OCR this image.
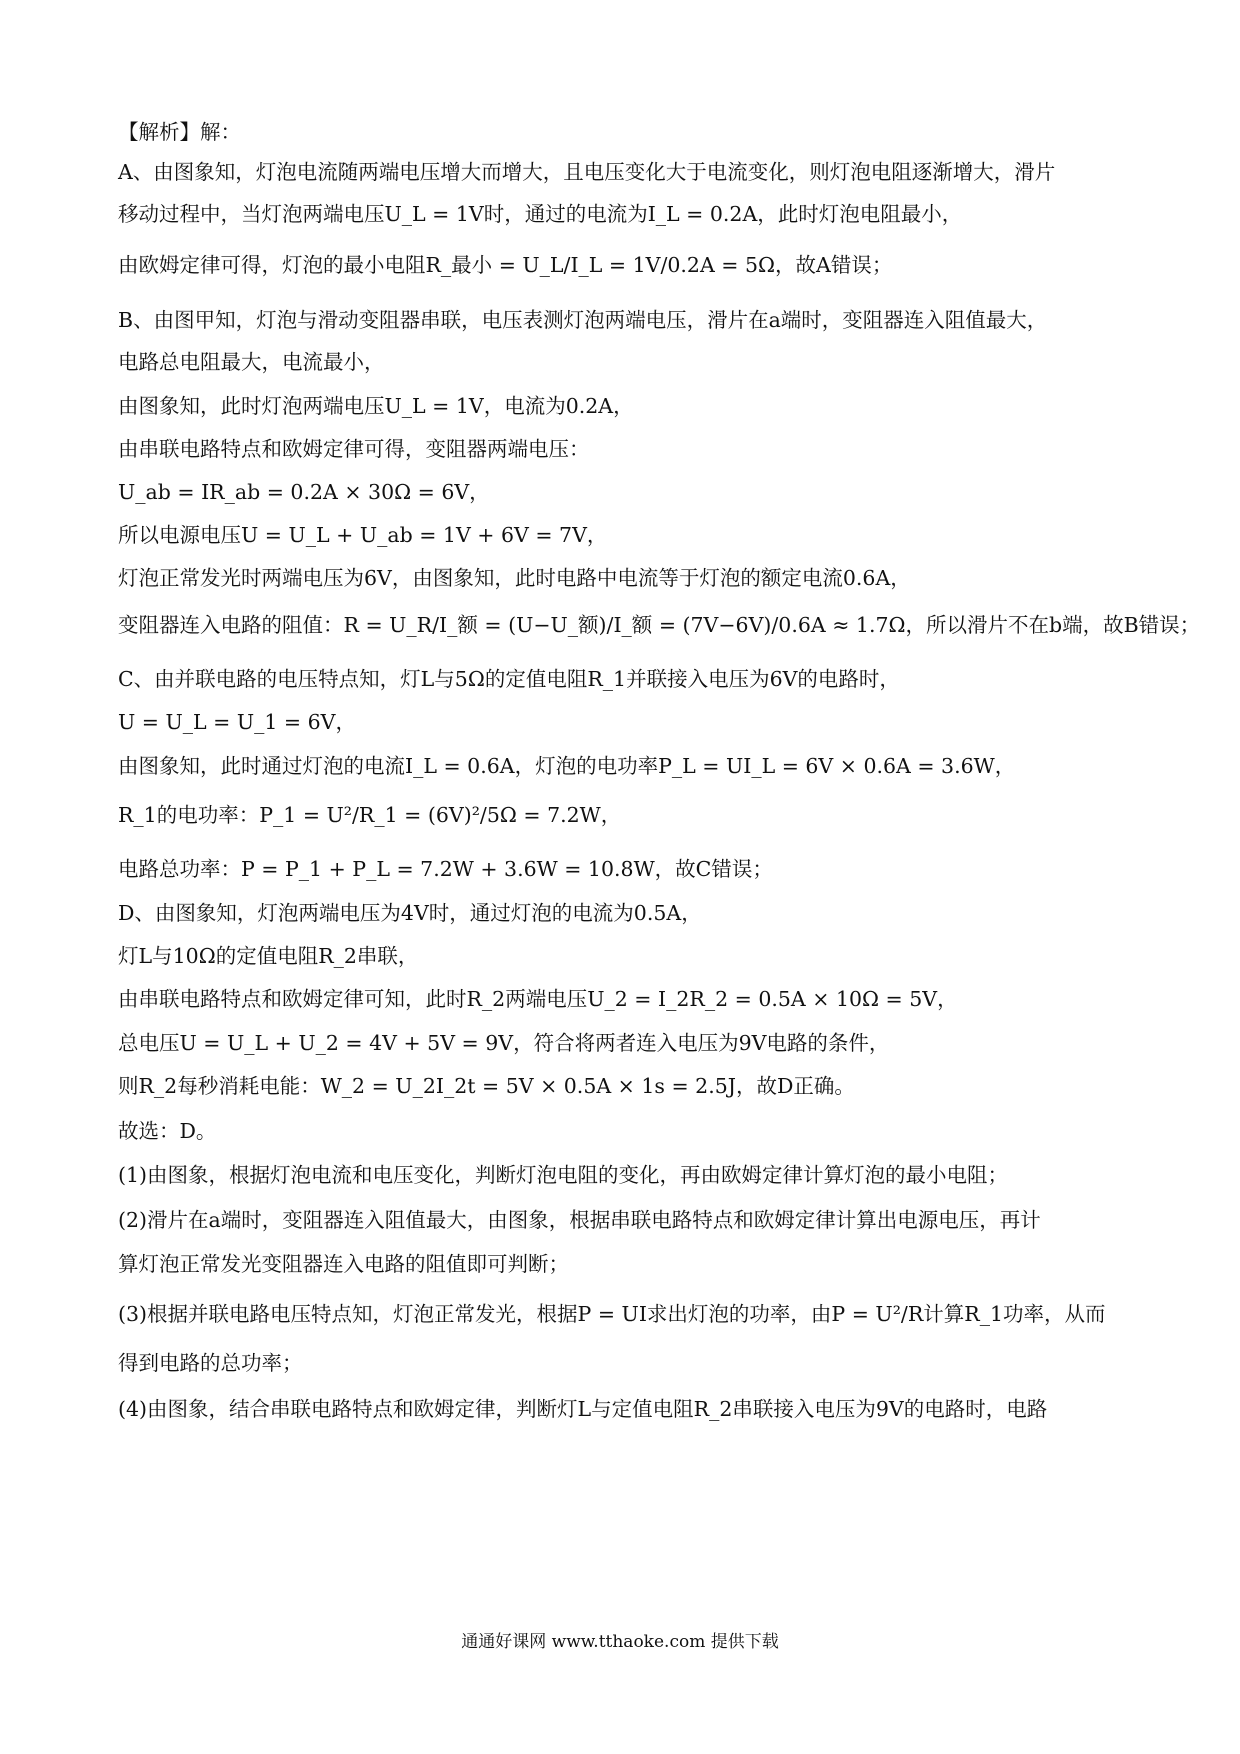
【解析】解：
A、由图象知，灯泡电流随两端电压增大而增大，且电压变化大于电流变化，则灯泡电阻逐渐增大，滑片
移动过程中，当灯泡两端电压U_L = 1V时，通过的电流为I_L = 0.2A，此时灯泡电阻最小，
由欧姆定律可得，灯泡的最小电阻R_最小 = U_L/I_L = 1V/0.2A = 5Ω，故A错误；
B、由图甲知，灯泡与滑动变阻器串联，电压表测灯泡两端电压，滑片在a端时，变阻器连入阻值最大，
电路总电阻最大，电流最小，
由图象知，此时灯泡两端电压U_L = 1V，电流为0.2A，
由串联电路特点和欧姆定律可得，变阻器两端电压：
U_ab = IR_ab = 0.2A × 30Ω = 6V，
所以电源电压U = U_L + U_ab = 1V + 6V = 7V，
灯泡正常发光时两端电压为6V，由图象知，此时电路中电流等于灯泡的额定电流0.6A，
变阻器连入电路的阻值：R = U_R/I_额 = (U−U_额)/I_额 = (7V−6V)/0.6A ≈ 1.7Ω，所以滑片不在b端，故B错误；
C、由并联电路的电压特点知，灯L与5Ω的定值电阻R_1并联接入电压为6V的电路时，
U = U_L = U_1 = 6V，
由图象知，此时通过灯泡的电流I_L = 0.6A，灯泡的电功率P_L = UI_L = 6V × 0.6A = 3.6W，
R_1的电功率：P_1 = U²/R_1 = (6V)²/5Ω = 7.2W，
电路总功率：P = P_1 + P_L = 7.2W + 3.6W = 10.8W，故C错误；
D、由图象知，灯泡两端电压为4V时，通过灯泡的电流为0.5A，
灯L与10Ω的定值电阻R_2串联，
由串联电路特点和欧姆定律可知，此时R_2两端电压U_2 = I_2R_2 = 0.5A × 10Ω = 5V，
总电压U = U_L + U_2 = 4V + 5V = 9V，符合将两者连入电压为9V电路的条件，
则R_2每秒消耗电能：W_2 = U_2I_2t = 5V × 0.5A × 1s = 2.5J，故D正确。
故选：D。
(1)由图象，根据灯泡电流和电压变化，判断灯泡电阻的变化，再由欧姆定律计算灯泡的最小电阻；
(2)滑片在a端时，变阻器连入阻值最大，由图象，根据串联电路特点和欧姆定律计算出电源电压，再计
算灯泡正常发光变阻器连入电路的阻值即可判断；
(3)根据并联电路电压特点知，灯泡正常发光，根据P = UI求出灯泡的功率，由P = U²/R计算R_1功率，从而
得到电路的总功率；
(4)由图象，结合串联电路特点和欧姆定律，判断灯L与定值电阻R_2串联接入电压为9V的电路时，电路
通通好课网 www.tthaoke.com 提供下载
